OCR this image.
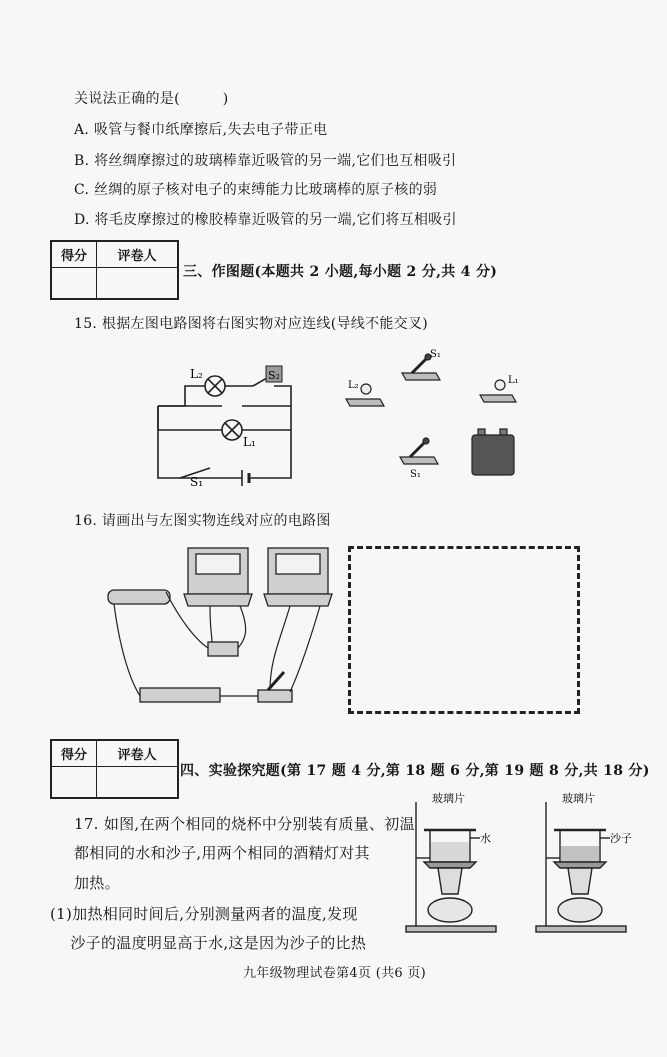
关说法正确的是(　　　)
A. 吸管与餐巾纸摩擦后,失去电子带正电
B. 将丝绸摩擦过的玻璃棒靠近吸管的另一端,它们也互相吸引
C. 丝绸的原子核对电子的束缚能力比玻璃棒的原子核的弱
D. 将毛皮摩擦过的橡胶棒靠近吸管的另一端,它们将互相吸引
得分	评卷人
三、作图题(本题共 2 小题,每小题 2 分,共 4 分)
15. 根据左图电路图将右图实物对应连线(导线不能交叉)
L₂	S₂
L₁
S₁
S₁
L₂	L₁
S₁
16. 请画出与左图实物连线对应的电路图
得分	评卷人
四、实验探究题(第 17 题 4 分,第 18 题 6 分,第 19 题 8 分,共 18 分)
17. 如图,在两个相同的烧杯中分别装有质量、初温
都相同的水和沙子,用两个相同的酒精灯对其
加热。
(1)加热相同时间后,分别测量两者的温度,发现
　 沙子的温度明显高于水,这是因为沙子的比热
玻璃片
水
玻璃片
沙子
九年级物理试卷第4页 (共6 页)
